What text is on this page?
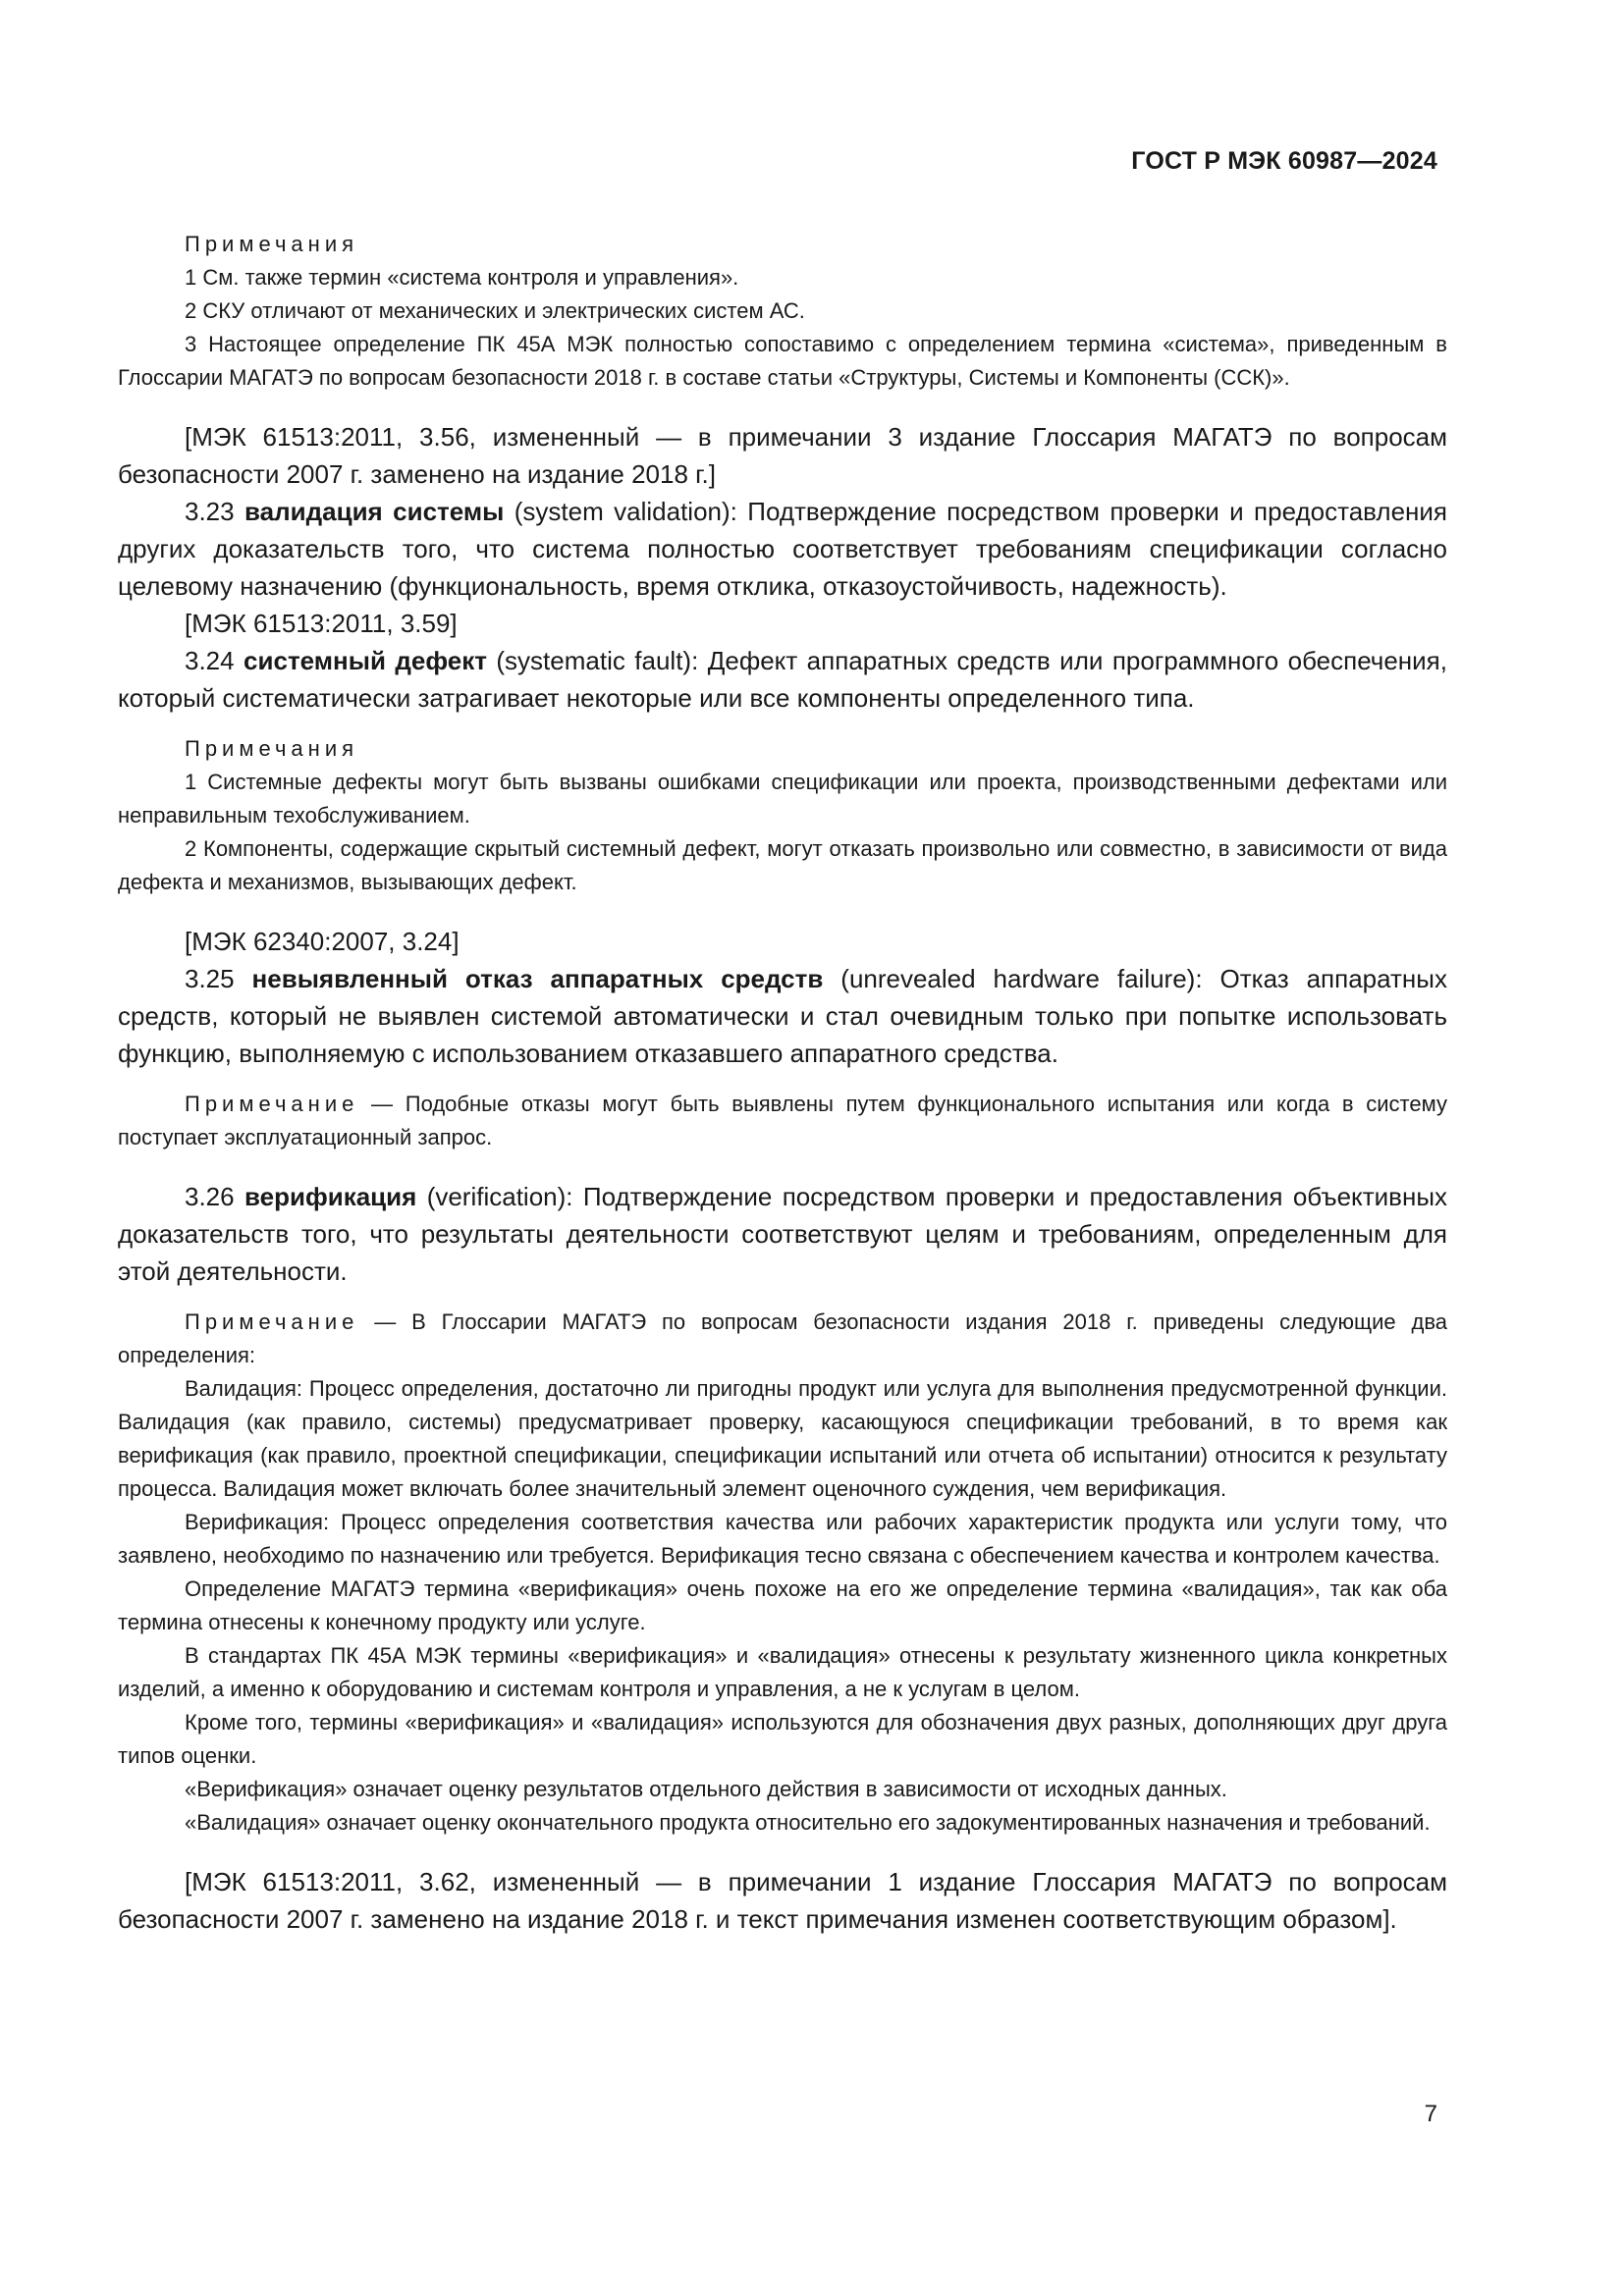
ГОСТ Р МЭК 60987—2024
Примечания
1 См. также термин «система контроля и управления».
2 СКУ отличают от механических и электрических систем АС.
3 Настоящее определение ПК 45А МЭК полностью сопоставимо с определением термина «система», приведенным в Глоссарии МАГАТЭ по вопросам безопасности 2018 г. в составе статьи «Структуры, Системы и Компоненты (ССК)».
[МЭК 61513:2011, 3.56, измененный — в примечании 3 издание Глоссария МАГАТЭ по вопросам безопасности 2007 г. заменено на издание 2018 г.]
3.23 валидация системы (system validation): Подтверждение посредством проверки и предоставления других доказательств того, что система полностью соответствует требованиям спецификации согласно целевому назначению (функциональность, время отклика, отказоустойчивость, надежность).
[МЭК 61513:2011, 3.59]
3.24 системный дефект (systematic fault): Дефект аппаратных средств или программного обеспечения, который систематически затрагивает некоторые или все компоненты определенного типа.
Примечания
1 Системные дефекты могут быть вызваны ошибками спецификации или проекта, производственными дефектами или неправильным техобслуживанием.
2 Компоненты, содержащие скрытый системный дефект, могут отказать произвольно или совместно, в зависимости от вида дефекта и механизмов, вызывающих дефект.
[МЭК 62340:2007, 3.24]
3.25 невыявленный отказ аппаратных средств (unrevealed hardware failure): Отказ аппаратных средств, который не выявлен системой автоматически и стал очевидным только при попытке использовать функцию, выполняемую с использованием отказавшего аппаратного средства.
Примечание — Подобные отказы могут быть выявлены путем функционального испытания или когда в систему поступает эксплуатационный запрос.
3.26 верификация (verification): Подтверждение посредством проверки и предоставления объективных доказательств того, что результаты деятельности соответствуют целям и требованиям, определенным для этой деятельности.
Примечание — В Глоссарии МАГАТЭ по вопросам безопасности издания 2018 г. приведены следующие два определения:
Валидация: Процесс определения, достаточно ли пригодны продукт или услуга для выполнения предусмотренной функции. Валидация (как правило, системы) предусматривает проверку, касающуюся спецификации требований, в то время как верификация (как правило, проектной спецификации, спецификации испытаний или отчета об испытании) относится к результату процесса. Валидация может включать более значительный элемент оценочного суждения, чем верификация.
Верификация: Процесс определения соответствия качества или рабочих характеристик продукта или услуги тому, что заявлено, необходимо по назначению или требуется. Верификация тесно связана с обеспечением качества и контролем качества.
Определение МАГАТЭ термина «верификация» очень похоже на его же определение термина «валидация», так как оба термина отнесены к конечному продукту или услуге.
В стандартах ПК 45А МЭК термины «верификация» и «валидация» отнесены к результату жизненного цикла конкретных изделий, а именно к оборудованию и системам контроля и управления, а не к услугам в целом.
Кроме того, термины «верификация» и «валидация» используются для обозначения двух разных, дополняющих друг друга типов оценки.
«Верификация» означает оценку результатов отдельного действия в зависимости от исходных данных.
«Валидация» означает оценку окончательного продукта относительно его задокументированных назначения и требований.
[МЭК 61513:2011, 3.62, измененный — в примечании 1 издание Глоссария МАГАТЭ по вопросам безопасности 2007 г. заменено на издание 2018 г. и текст примечания изменен соответствующим образом].
7
